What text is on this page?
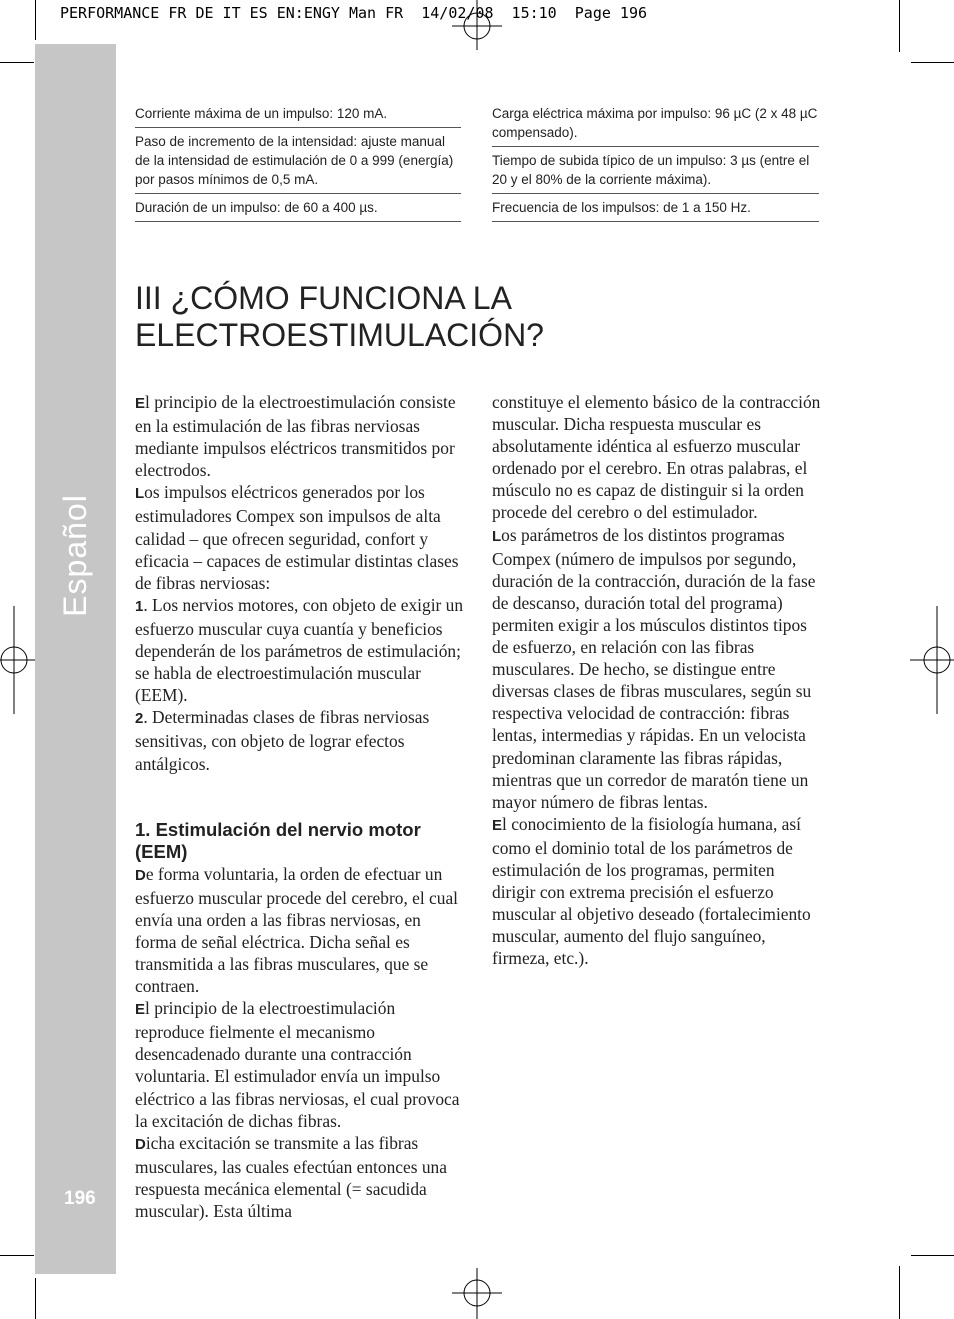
PERFORMANCE FR DE IT ES EN:ENGY Man FR  14/02/08  15:10  Page 196
Español
196
Corriente máxima de un impulso: 120 mA.
Paso de incremento de la intensidad: ajuste manual de la intensidad de estimulación de 0 a 999 (energía) por pasos mínimos de 0,5 mA.
Duración de un impulso: de 60 a 400 µs.
Carga eléctrica máxima por impulso: 96 µC (2 x 48 µC compensado).
Tiempo de subida típico de un impulso: 3 µs (entre el 20 y el 80% de la corriente máxima).
Frecuencia de los impulsos: de 1 a 150 Hz.
III ¿CÓMO FUNCIONA LA
ELECTROESTIMULACIÓN?

El principio de la electroestimulación consiste en la estimulación de las fibras nerviosas mediante impulsos eléctricos transmitidos por electrodos.

Los impulsos eléctricos generados por los estimuladores Compex son impulsos de alta calidad – que ofrecen seguridad, confort y eficacia – capaces de estimular distintas clases de fibras nerviosas:

1. Los nervios motores, con objeto de exigir un esfuerzo muscular cuya cuantía y beneficios dependerán de los parámetros de estimulación; se habla de electroestimulación muscular (EEM).

2. Determinadas clases de fibras nerviosas sensitivas, con objeto de lograr efectos antálgicos.

1. Estimulación del nervio motor (EEM)

De forma voluntaria, la orden de efectuar un esfuerzo muscular procede del cerebro, el cual envía una orden a las fibras nerviosas, en forma de señal eléctrica. Dicha señal es transmitida a las fibras musculares, que se contraen.

El principio de la electroestimulación reproduce fielmente el mecanismo desencadenado durante una contracción voluntaria. El estimulador envía un impulso eléctrico a las fibras nerviosas, el cual provoca la excitación de dichas fibras.

Dicha excitación se transmite a las fibras musculares, las cuales efectúan entonces una respuesta mecánica elemental (= sacudida muscular). Esta última

constituye el elemento básico de la contracción muscular. Dicha respuesta muscular es absolutamente idéntica al esfuerzo muscular ordenado por el cerebro. En otras palabras, el músculo no es capaz de distinguir si la orden procede del cerebro o del estimulador.

Los parámetros de los distintos programas Compex (número de impulsos por segundo, duración de la contracción, duración de la fase de descanso, duración total del programa) permiten exigir a los músculos distintos tipos de esfuerzo, en relación con las fibras musculares. De hecho, se distingue entre diversas clases de fibras musculares, según su respectiva velocidad de contracción: fibras lentas, intermedias y rápidas. En un velocista predominan claramente las fibras rápidas, mientras que un corredor de maratón tiene un mayor número de fibras lentas.

El conocimiento de la fisiología humana, así como el dominio total de los parámetros de estimulación de los programas, permiten dirigir con extrema precisión el esfuerzo muscular al objetivo deseado (fortalecimiento muscular, aumento del flujo sanguíneo, firmeza, etc.).
